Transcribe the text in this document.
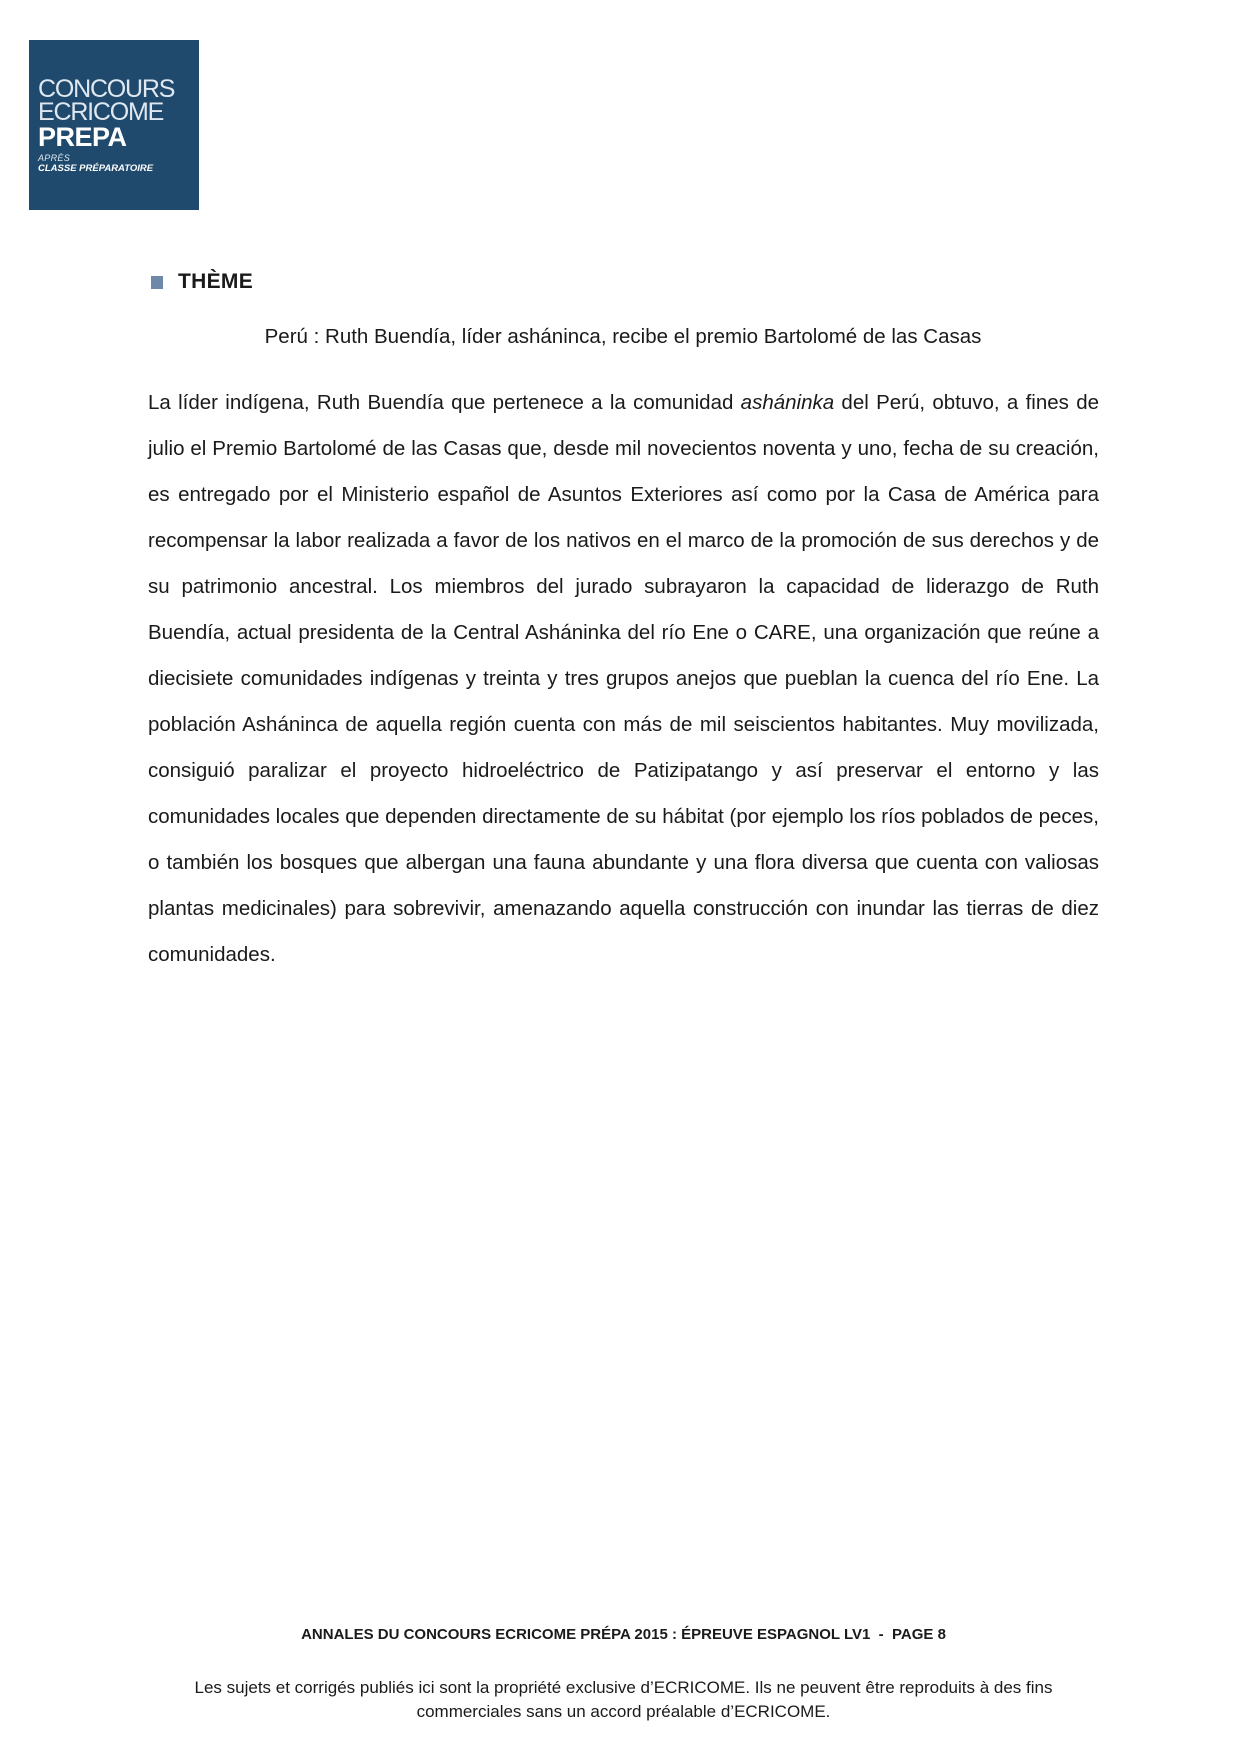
CONCOURS
ECRICOME
PREPA
APRÈS
CLASSE PRÉPARATOIRE
THÈME

Perú : Ruth Buendía, líder asháninca, recibe el premio Bartolomé de las Casas

La líder indígena, Ruth Buendía que pertenece a la comunidad asháninka del Perú, obtuvo, a fines de julio el Premio Bartolomé de las Casas que, desde mil novecientos noventa y uno, fecha de su creación, es entregado por el Ministerio español de Asuntos Exteriores así como por la Casa de América para recompensar la labor realizada a favor de los nativos en el marco de la promoción de sus derechos y de su patrimonio ancestral. Los miembros del jurado subrayaron la capacidad de liderazgo de Ruth Buendía, actual presidenta de la Central Asháninka del río Ene o CARE, una organización que reúne a diecisiete comunidades indígenas y treinta y tres grupos anejos que pueblan la cuenca del río Ene. La población Asháninca de aquella región cuenta con más de mil seiscientos habitantes. Muy movilizada, consiguió paralizar el proyecto hidroeléctrico de Patizipatango y así preservar el entorno y las comunidades locales que dependen directamente de su hábitat (por ejemplo los ríos poblados de peces, o también los bosques que albergan una fauna abundante y una flora diversa que cuenta con valiosas plantas medicinales) para sobrevivir, amenazando aquella construcción con inundar las tierras de diez comunidades.

ANNALES DU CONCOURS ECRICOME PRÉPA 2015 : ÉPREUVE ESPAGNOL LV1  -  PAGE 8

Les sujets et corrigés publiés ici sont la propriété exclusive d’ECRICOME. Ils ne peuvent être reproduits à des fins commerciales sans un accord préalable d’ECRICOME.
